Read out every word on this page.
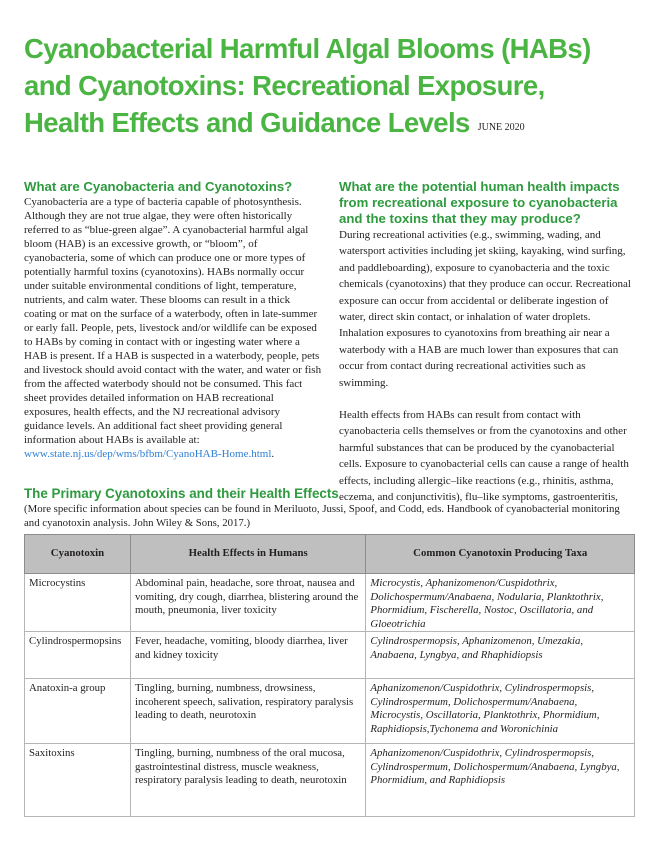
Cyanobacterial Harmful Algal Blooms (HABs)
and Cyanotoxins: Recreational Exposure,
Health Effects and Guidance Levels JUNE 2020
What are Cyanobacteria and Cyanotoxins?

Cyanobacteria are a type of bacteria capable of photosynthesis. Although they are not true algae, they were often historically referred to as “blue-green algae”. A cyanobacterial harmful algal bloom (HAB) is an excessive growth, or “bloom”, of cyanobacteria, some of which can produce one or more types of potentially harmful toxins (cyanotoxins). HABs normally occur under suitable environmental conditions of light, temperature, nutrients, and calm water. These blooms can result in a thick coating or mat on the surface of a waterbody, often in late-summer or early fall. People, pets, livestock and/or wildlife can be exposed to HABs by coming in contact with or ingesting water where a HAB is present. If a HAB is suspected in a waterbody, people, pets and livestock should avoid contact with the water, and water or fish from the affected waterbody should not be consumed. This fact sheet provides detailed information on HAB recreational exposures, health effects, and the NJ recreational advisory guidance levels. An additional fact sheet providing general information about HABs is available at: www.state.nj.us/dep/wms/bfbm/CyanoHAB-Home.html.

What are the potential human health impacts from recreational exposure to cyanobacteria and the toxins that they may produce?

During recreational activities (e.g., swimming, wading, and watersport activities including jet skiing, kayaking, wind surfing, and paddleboarding), exposure to cyanobacteria and the toxic chemicals (cyanotoxins) that they produce can occur. Recreational exposure can occur from accidental or deliberate ingestion of water, direct skin contact, or inhalation of water droplets. Inhalation exposures to cyanotoxins from breathing air near a waterbody with a HAB are much lower than exposures that can occur from contact during recreational activities such as swimming.

Health effects from HABs can result from contact with cyanobacteria cells themselves or from the cyanotoxins and other harmful substances that can be produced by the cyanobacterial cells. Exposure to cyanobacterial cells can cause a range of health effects, including allergic–like reactions (e.g., rhinitis, asthma, eczema, and conjunctivitis), flu–like symptoms, gastroenteritis,

The Primary Cyanotoxins and their Health Effects
(More specific information about species can be found in Meriluoto, Jussi, Spoof, and Codd, eds. Handbook of cyanobacterial monitoring and cyanotoxin analysis. John Wiley & Sons, 2017.)
Cyanotoxin	Health Effects in Humans	Common Cyanotoxin Producing Taxa
Microcystins	Abdominal pain, headache, sore throat, nausea and vomiting, dry cough, diarrhea, blistering around the mouth, pneumonia, liver toxicity	Microcystis, Aphanizomenon/Cuspidothrix, Dolichospermum/Anabaena, Nodularia, Planktothrix, Phormidium, Fischerella, Nostoc, Oscillatoria, and Gloeotrichia
Cylindrospermopsins	Fever, headache, vomiting, bloody diarrhea, liver and kidney toxicity	Cylindrospermopsis, Aphanizomenon, Umezakia, Anabaena, Lyngbya, and Rhaphidiopsis
Anatoxin-a group	Tingling, burning, numbness, drowsiness, incoherent speech, salivation, respiratory paralysis leading to death, neurotoxin	Aphanizomenon/Cuspidothrix, Cylindrospermopsis, Cylindrospermum, Dolichospermum/Anabaena, Microcystis, Oscillatoria, Planktothrix, Phormidium, Raphidiopsis,Tychonema and Woronichinia
Saxitoxins	Tingling, burning, numbness of the oral mucosa, gastrointestinal distress, muscle weakness, respiratory paralysis leading to death, neurotoxin	Aphanizomenon/Cuspidothrix, Cylindrospermopsis, Cylindrospermum, Dolichospermum/Anabaena, Lyngbya, Phormidium, and Raphidiopsis
